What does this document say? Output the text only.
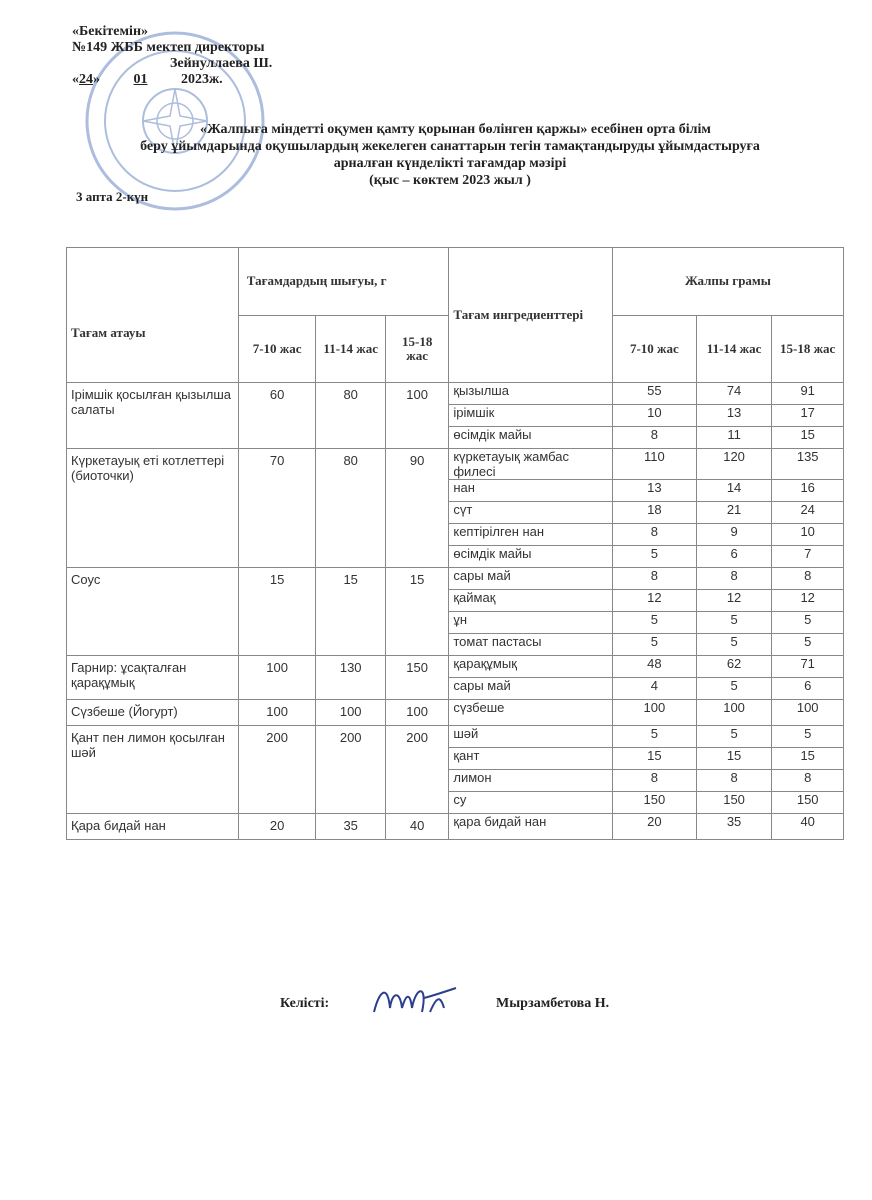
«Бекітемін»
№149 ЖББ мектеп директоры
Зейнуллаева Ш.
«24» 01 2023ж.
«Жалпыға міндетті оқумен қамту қорынан бөлінген қаржы» есебінен орта білім
беру ұйымдарында оқушылардың жекелеген санаттарын тегін тамақтандыруды ұйымдастыруға
арналған күнделікті тағамдар мәзірі
(қыс – көктем 2023 жыл )
3 апта 2-күн
Тағам атауы	Тағамдардың шығуы, г			Тағам ингредиенттері	Жалпы грамы		
	7-10 жас	11-14 жас	15-18 жас		7-10 жас	11-14 жас	15-18 жас
Ірімшік қосылған қызылша салаты	60	80	100	қызылша	55	74	91
				ірімшік	10	13	17
				өсімдік майы	8	11	15
Күркетауық еті котлеттері (биоточки)	70	80	90	күркетауық жамбас филесі	110	120	135
				нан	13	14	16
				сүт	18	21	24
				кептірілген нан	8	9	10
				өсімдік майы	5	6	7
Соус	15	15	15	сары май	8	8	8
				қаймақ	12	12	12
				ұн	5	5	5
				томат пастасы	5	5	5
Гарнир: ұсақталған қарақұмық	100	130	150	қарақұмық	48	62	71
				сары май	4	5	6
Сүзбеше (Йогурт)	100	100	100	сүзбеше	100	100	100
Қант пен лимон қосылған шәй	200	200	200	шәй	5	5	5
				қант	15	15	15
				лимон	8	8	8
				су	150	150	150
Қара бидай нан	20	35	40	қара бидай нан	20	35	40
Келісті:	Мырзамбетова Н.
